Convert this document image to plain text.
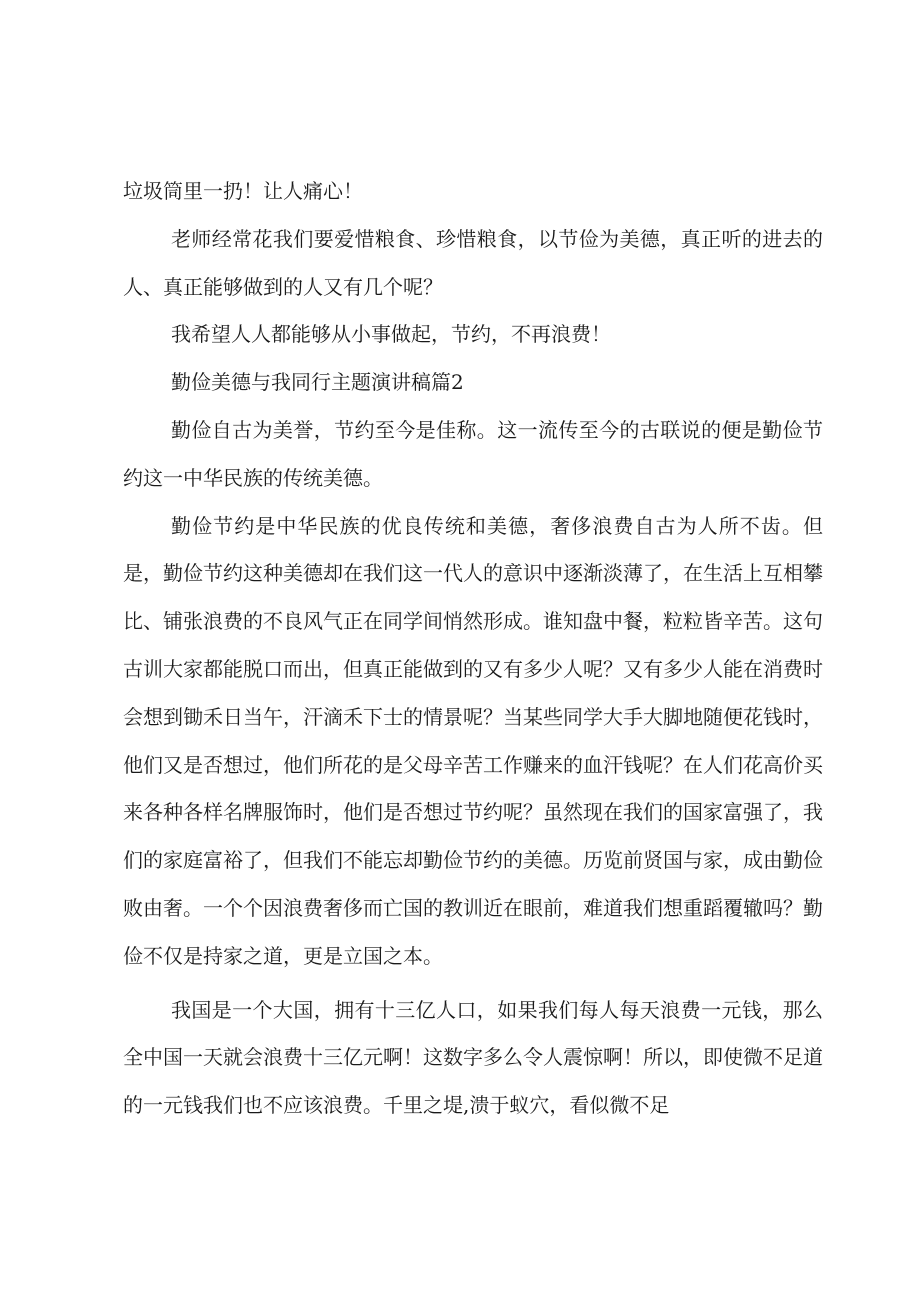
垃圾筒里一扔！让人痛心！

老师经常花我们要爱惜粮食、珍惜粮食，以节俭为美德，真正听的进去的人、真正能够做到的人又有几个呢？

我希望人人都能够从小事做起，节约，不再浪费！

勤俭美德与我同行主题演讲稿篇2

勤俭自古为美誉，节约至今是佳称。这一流传至今的古联说的便是勤俭节约这一中华民族的传统美德。

勤俭节约是中华民族的优良传统和美德，奢侈浪费自古为人所不齿。但是，勤俭节约这种美德却在我们这一代人的意识中逐渐淡薄了，在生活上互相攀比、铺张浪费的不良风气正在同学间悄然形成。谁知盘中餐，粒粒皆辛苦。这句古训大家都能脱口而出，但真正能做到的又有多少人呢？又有多少人能在消费时会想到锄禾日当午，汗滴禾下士的情景呢？当某些同学大手大脚地随便花钱时，他们又是否想过，他们所花的是父母辛苦工作赚来的血汗钱呢？在人们花高价买来各种各样名牌服饰时，他们是否想过节约呢？虽然现在我们的国家富强了，我们的家庭富裕了，但我们不能忘却勤俭节约的美德。历览前贤国与家，成由勤俭败由奢。一个个因浪费奢侈而亡国的教训近在眼前，难道我们想重蹈覆辙吗？勤俭不仅是持家之道，更是立国之本。

我国是一个大国，拥有十三亿人口，如果我们每人每天浪费一元钱，那么全中国一天就会浪费十三亿元啊！这数字多么令人震惊啊！所以，即使微不足道的一元钱我们也不应该浪费。千里之堤,溃于蚁穴，看似微不足
